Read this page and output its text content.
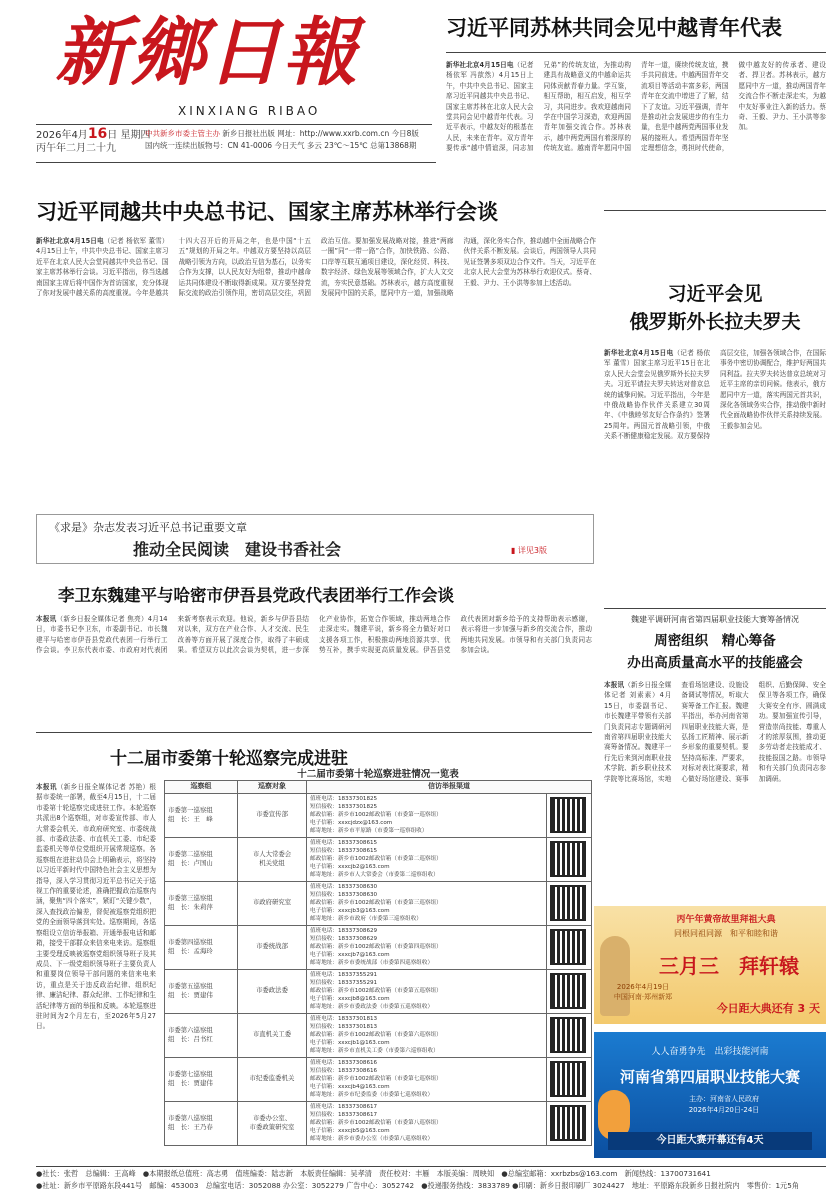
新鄉日報
XINXIANG RIBAO
2026年4月16日 星期四
丙午年二月二十九
中共新乡市委主管主办 新乡日报社出版 网址：http://www.xxrb.com.cn 今日8版
国内统一连续出版物号：CN 41-0006 今日天气 多云 23℃～15℃ 总第13868期
习近平同苏林共同会见中越青年代表
新华社北京4月15日电（记者 杨依军 冯歆然）4月15日上午，中共中央总书记、国家主席习近平同越共中央总书记、国家主席苏林在北京人民大会堂共同会见中越青年代表。习近平表示，中越友好的根基在人民，未来在青年。双方青年要传承“越中情谊深，同志加兄弟”的传统友谊，为推动构建具有战略意义的中越命运共同体贡献青春力量。学互鉴，相互帮助，相互启发，相互学习，共同进步。我欢迎越南同学在中国学习深造，欢迎两国青年加强交流合作。苏林表示，越中两党两国有着深厚的传统友谊。越南青年愿同中国青年一道，赓续传统友谊，携手共同前进。中越两国青年交流项目等活动丰富多彩，两国青年在交流中增进了了解，结下了友谊。习近平强调，青年是推动社会发展进步的有生力量，也是中越两党两国事业发展的接班人。希望两国青年坚定理想信念，勇担时代使命，做中越友好的传承者、建设者、捍卫者。苏林表示，越方愿同中方一道，推动两国青年交流合作不断走深走实，为越中友好事业注入新的活力。蔡奇、王毅、尹力、王小洪等参加。
习近平同越共中央总书记、国家主席苏林举行会谈
新华社北京4月15日电（记者 杨依军 董雪）4月15日上午，中共中央总书记、国家主席习近平在北京人民大会堂同越共中央总书记、国家主席苏林举行会谈。习近平指出，你当选越南国家主席后将中国作为首访国家，充分体现了你对发展中越关系的高度重视。今年是越共十四大召开后的开局之年，也是中国“十五五”规划的开局之年。中越双方要坚持以高层战略引领为方向，以政治互信为基石，以务实合作为支撑，以人民友好为纽带，推动中越命运共同体建设不断取得新成果。双方要坚持党际交流的政治引领作用，密切高层交往，巩固政治互信。要加强发展战略对接，推进“两廊一圈”同“一带一路”合作，加快铁路、公路、口岸等互联互通项目建设，深化经贸、科技、数字经济、绿色发展等领域合作，扩大人文交流，夯实民意基础。苏林表示，越方高度重视发展同中国的关系，愿同中方一道，加强战略沟通，深化务实合作，推动越中全面战略合作伙伴关系不断发展。会谈后，两国领导人共同见证签署多项双边合作文件。当天，习近平在北京人民大会堂为苏林举行欢迎仪式。蔡奇、王毅、尹力、王小洪等参加上述活动。
习近平会见
俄罗斯外长拉夫罗夫
新华社北京4月15日电（记者 杨依军 董雪）国家主席习近平15日在北京人民大会堂会见俄罗斯外长拉夫罗夫。习近平请拉夫罗夫转达对普京总统的诚挚问候。习近平指出，今年是中俄战略协作伙伴关系建立30周年、《中俄睦邻友好合作条约》签署25周年。两国元首战略引领，中俄关系不断健康稳定发展。双方要保持高层交往，加强各领域合作，在国际事务中密切协调配合，维护好两国共同利益。拉夫罗夫转达普京总统对习近平主席的亲切问候。他表示，俄方愿同中方一道，落实两国元首共识，深化各领域务实合作，推动俄中新时代全面战略协作伙伴关系持续发展。王毅参加会见。
《求是》杂志发表习近平总书记重要文章
推动全民阅读　建设书香社会	▮ 详见3版
李卫东魏建平与哈密市伊吾县党政代表团举行工作会谈
本报讯（新乡日报全媒体记者 焦亮）4月14日，市委书记李卫东，市委副书记、市长魏建平与哈密市伊吾县党政代表团一行举行工作会谈。李卫东代表市委、市政府对代表团来新考察表示欢迎。他说，新乡与伊吾县结对以来，双方在产业合作、人才交流、民生改善等方面开展了深度合作，取得了丰硕成果。希望双方以此次会谈为契机，进一步深化产业协作，拓宽合作领域，推动两地合作走深走实。魏建平说，新乡将全力做好对口支援各项工作，积极推动两地资源共享、优势互补，携手实现更高质量发展。伊吾县党政代表团对新乡给予的支持帮助表示感谢，表示将进一步加强与新乡的交流合作，推动两地共同发展。市领导和有关部门负责同志参加会谈。
魏建平调研河南省第四届职业技能大赛筹备情况
周密组织　精心筹备
办出高质量高水平的技能盛会
本报讯（新乡日报全媒体记者 刘素素）4月15日，市委副书记、市长魏建平带领有关部门负责同志专题调研河南省第四届职业技能大赛筹备情况。魏建平一行先后来到河南职业技术学院、新乡职业技术学院等比赛场馆，实地查看场馆建设、设施设备调试等情况，听取大赛筹备工作汇报。魏建平指出，举办河南省第四届职业技能大赛，是弘扬工匠精神、展示新乡形象的重要契机。要坚持高标准、严要求，对标对表比赛要求，精心做好场馆建设、赛事组织、后勤保障、安全保卫等各项工作，确保大赛安全有序、圆满成功。要加强宣传引导，营造崇尚技能、尊重人才的浓厚氛围，推动更多劳动者走技能成才、技能报国之路。市领导和有关部门负责同志参加调研。
十二届市委第十轮巡察完成进驻
本报讯（新乡日报全媒体记者 苏艳）根据市委统一部署，截至4月15日，十二届市委第十轮巡察完成进驻工作。本轮巡察共派出8个巡察组，对市委宣传部、市人大常委会机关、市政府研究室、市委统战部、市委政法委、市直机关工委、市纪委监委机关等单位党组织开展常规巡察。各巡察组在进驻动员会上明确表示，将坚持以习近平新时代中国特色社会主义思想为指导，深入学习贯彻习近平总书记关于巡视工作的重要论述，准确把握政治巡察内涵，聚焦“四个落实”，紧盯“关键少数”，深入查找政治偏差，督促被巡察党组织把党的全面领导落到实处。巡察期间，各巡察组设立信访举报箱、开通举报电话和邮箱，接受干部群众来信来电来访。巡察组主要受理反映被巡察党组织领导班子及其成员、下一级党组织领导班子主要负责人和重要岗位领导干部问题的来信来电来访，重点是关于违反政治纪律、组织纪律、廉洁纪律、群众纪律、工作纪律和生活纪律等方面的举报和反映。本轮巡察进驻时间为2个月左右，至2026年5月27日。
十二届市委第十轮巡察进驻情况一览表
巡察组	巡察对象	信访举报渠道	
市委第一巡察组
组　长：王　峰	市委宣传部	值班电话：18337301825
短信接收：18337301825
邮政信箱：新乡市1002邮政信箱（市委第一巡察组）
电子信箱：xxxcjdzx@163.com
邮寄地址：新乡市平原路（市委第一巡察组收）	

市委第二巡察组
组　长：卢国山	市人大常委会
机关党组	值班电话：18337308615
短信接收：18337308615
邮政信箱：新乡市1002邮政信箱（市委第二巡察组）
电子信箱：xxxcjb2@163.com
邮寄地址：新乡市人大常委会（市委第二巡察组收）	

市委第三巡察组
组　长：朱莉萍	市政府研究室	值班电话：18337308630
短信接收：18337308630
邮政信箱：新乡市1002邮政信箱（市委第三巡察组）
电子信箱：xxxcjb3@163.com
邮寄地址：新乡市政府（市委第三巡察组收）	

市委第四巡察组
组　长：孟海玲	市委统战部	值班电话：18337308629
短信接收：18337308629
邮政信箱：新乡市1002邮政信箱（市委第四巡察组）
电子信箱：xxxcjb7@163.com
邮寄地址：新乡市委统战部（市委第四巡察组收）	

市委第五巡察组
组　长：贾建伟	市委政法委	值班电话：18337355291
短信接收：18337355291
邮政信箱：新乡市1002邮政信箱（市委第五巡察组）
电子信箱：xxxcjb8@163.com
邮寄地址：新乡市委政法委（市委第五巡察组收）	

市委第六巡察组
组　长：吕书红	市直机关工委	值班电话：18337301813
短信接收：18337301813
邮政信箱：新乡市1002邮政信箱（市委第六巡察组）
电子信箱：xxxcjb1@163.com
邮寄地址：新乡市直机关工委（市委第六巡察组收）	

市委第七巡察组
组　长：贾建伟	市纪委监委机关	值班电话：18337308616
短信接收：18337308616
邮政信箱：新乡市1002邮政信箱（市委第七巡察组）
电子信箱：xxxcjb4@163.com
邮寄地址：新乡市纪委监委（市委第七巡察组收）	

市委第八巡察组
组　长：王乃春	市委办公室、
市委政策研究室	值班电话：18337308617
短信接收：18337308617
邮政信箱：新乡市1002邮政信箱（市委第八巡察组）
电子信箱：xxxcjb5@163.com
邮寄地址：新乡市委办公室（市委第八巡察组收）	
丙午年黄帝故里拜祖大典
同根同祖同源　和平和睦和谐
三月三　拜轩辕
2026年4月19日
中国河南·郑州新郑
今日距大典还有 3 天
人人奋勇争先　出彩技能河南
河南省第四届职业技能大赛
主办：河南省人民政府
2026年4月20日-24日
今日距大赛开幕还有4天
●社长：张哲　总编辑：王高峰　●本期报纸总值班：高志勇　值班编委：陆志新　本版责任编辑：吴孝清　责任校对：丰雁　本版美编：周映知　●总编室邮箱：xxrbzbs@163.com　新闻热线：13700731641
●社址：新乡市平原路东段441号　邮编：453003　总编室电话：3052088 办公室：3052279 广告中心：3052742　●投递服务热线：3833789 ●印刷：新乡日报印刷厂 3024427　地址：平原路东段新乡日报社院内　零售价：1元5角
